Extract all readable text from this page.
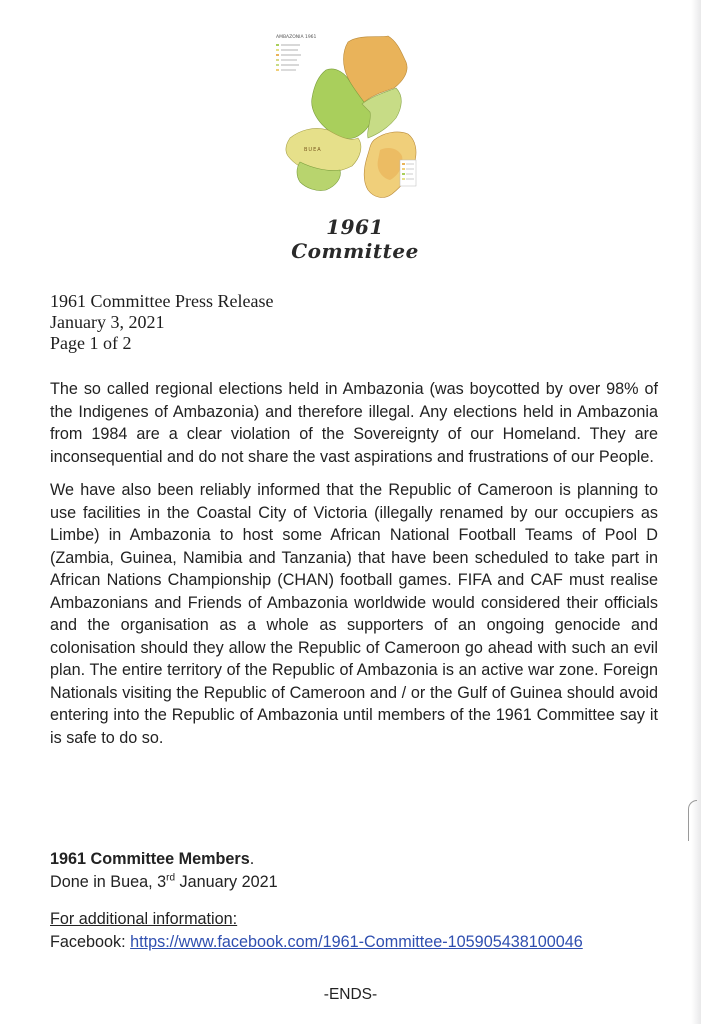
AMBAZONIA 1961
BUEA
1961 Committee
1961 Committee Press Release
January 3, 2021
Page 1 of 2

The so called regional elections held in Ambazonia (was boycotted by over 98% of the Indigenes of Ambazonia) and therefore illegal. Any elections held in Ambazonia from 1984 are a clear violation of the Sovereignty of our Homeland. They are inconsequential and do not share the vast aspirations and frustrations of our People.

We have also been reliably informed that the Republic of Cameroon is planning to use facilities in the Coastal City of Victoria (illegally renamed by our occupiers as Limbe) in Ambazonia to host some African National Football Teams of Pool D (Zambia, Guinea, Namibia and Tanzania) that have been scheduled to take part in African Nations Championship (CHAN) football games. FIFA and CAF must realise Ambazonians and Friends of Ambazonia worldwide would considered their officials and the organisation as a whole as supporters of an ongoing genocide and colonisation should they allow the Republic of Cameroon go ahead with such an evil plan. The entire territory of the Republic of Ambazonia is an active war zone. Foreign Nationals visiting the Republic of Cameroon and / or the Gulf of Guinea should avoid entering into the Republic of Ambazonia until members of the 1961 Committee say it is safe to do so.

1961 Committee Members.
Done in Buea, 3rd January 2021
For additional information:
Facebook: https://www.facebook.com/1961-Committee-105905438100046
-ENDS-
